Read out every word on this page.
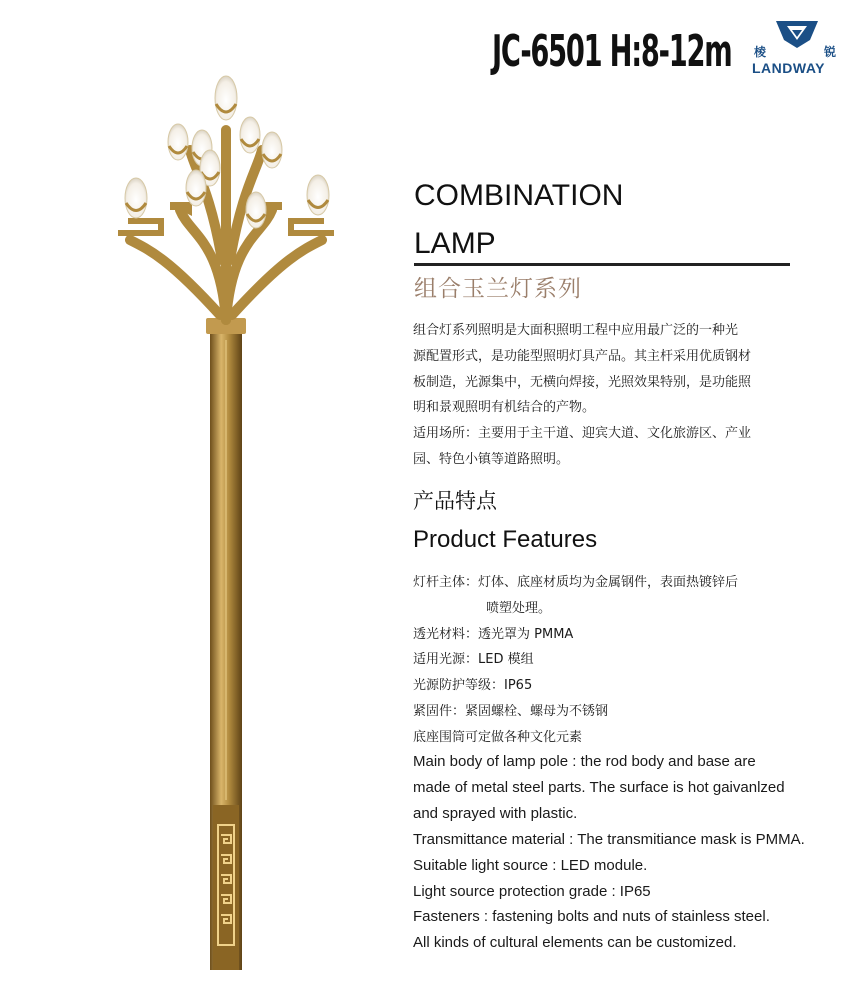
JC-6501 H:8-12m 棱	锐
LANDWAY
COMBINATION
LAMP
组合玉兰灯系列

组合灯系列照明是大面积照明工程中应用最广泛的一种光

源配置形式，是功能型照明灯具产品。其主杆采用优质钢材

板制造，光源集中，无横向焊接，光照效果特别，是功能照

明和景观照明有机结合的产物。

适用场所：主要用于主干道、迎宾大道、文化旅游区、产业

园、特色小镇等道路照明。

产品特点
Product Features

灯杆主体：灯体、底座材质均为金属钢件，表面热镀锌后

喷塑处理。

透光材料：透光罩为 PMMA

适用光源：LED 模组

光源防护等级：IP65

紧固件：紧固螺栓、螺母为不锈钢

底座围筒可定做各种文化元素

Main body of lamp pole : the rod body and base are

made of metal steel parts. The surface is hot gaivanlzed

and sprayed with plastic.

Transmittance material : The transmitiance mask is PMMA.

Suitable light source : LED module.

Light source protection grade : IP65

Fasteners : fastening bolts and nuts of stainless steel.

All kinds of cultural elements can be customized.
